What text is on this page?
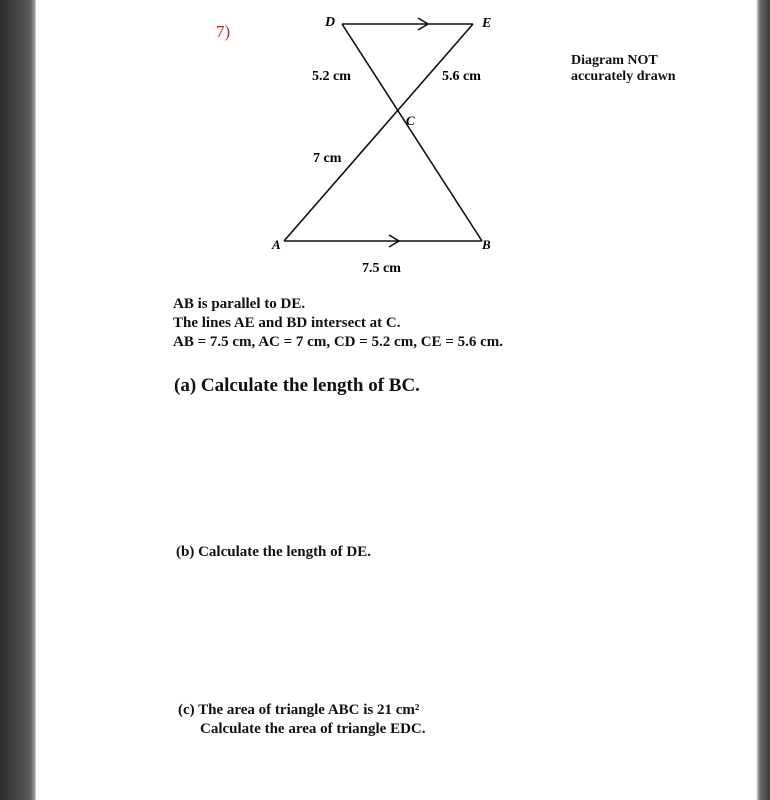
7)	D	E
C
A	B
5.2 cm	5.6 cm
7 cm
7.5 cm
Diagram NOT
accurately drawn
AB is parallel to DE.
The lines AE and BD intersect at C.
AB = 7.5 cm, AC = 7 cm, CD = 5.2 cm, CE = 5.6 cm.
(a) Calculate the length of BC.
(b) Calculate the length of DE.
(c) The area of triangle ABC is 21 cm²
Calculate the area of triangle EDC.
